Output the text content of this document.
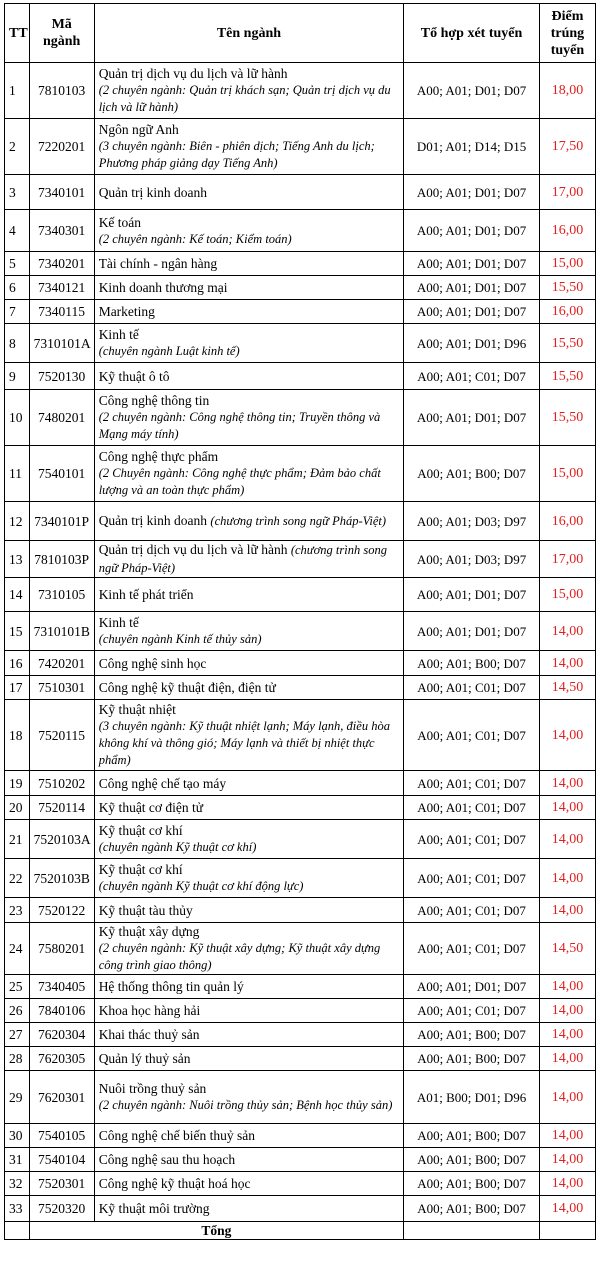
TT	Mã ngành	Tên ngành	Tổ hợp xét tuyển	Điểm trúng tuyển
1	7810103	Quản trị dịch vụ du lịch và lữ hành
(2 chuyên ngành: Quản trị khách sạn; Quản trị dịch vụ du lịch và lữ hành)	A00; A01; D01; D07	18,00
2	7220201	Ngôn ngữ Anh
(3 chuyên ngành: Biên - phiên dịch; Tiếng Anh du lịch; Phương pháp giảng dạy Tiếng Anh)	D01; A01; D14; D15	17,50
3	7340101	Quản trị kinh doanh	A00; A01; D01; D07	17,00
4	7340301	Kế toán
(2 chuyên ngành: Kế toán; Kiểm toán)	A00; A01; D01; D07	16,00
5	7340201	Tài chính - ngân hàng	A00; A01; D01; D07	15,00
6	7340121	Kinh doanh thương mại	A00; A01; D01; D07	15,50
7	7340115	Marketing	A00; A01; D01; D07	16,00
8	7310101A	Kinh tế
(chuyên ngành Luật kinh tế)	A00; A01; D01; D96	15,50
9	7520130	Kỹ thuật ô tô	A00; A01; C01; D07	15,50
10	7480201	Công nghệ thông tin
(2 chuyên ngành: Công nghệ thông tin; Truyền thông và Mạng máy tính)	A00; A01; D01; D07	15,50
11	7540101	Công nghệ thực phẩm
(2 Chuyên ngành: Công nghệ thực phẩm; Đảm bảo chất lượng và an toàn thực phẩm)	A00; A01; B00; D07	15,00
12	7340101P	Quản trị kinh doanh (chương trình song ngữ Pháp-Việt)	A00; A01; D03; D97	16,00
13	7810103P	Quản trị dịch vụ du lịch và lữ hành (chương trình song ngữ Pháp-Việt)	A00; A01; D03; D97	17,00
14	7310105	Kinh tế phát triển	A00; A01; D01; D07	15,00
15	7310101B	Kinh tế
(chuyên ngành Kinh tế thủy sản)	A00; A01; D01; D07	14,00
16	7420201	Công nghệ sinh học	A00; A01; B00; D07	14,00
17	7510301	Công nghệ kỹ thuật điện, điện tử	A00; A01; C01; D07	14,50
18	7520115	Kỹ thuật nhiệt
(3 chuyên ngành: Kỹ thuật nhiệt lạnh; Máy lạnh, điều hòa không khí và thông gió; Máy lạnh và thiết bị nhiệt thực phẩm)	A00; A01; C01; D07	14,00
19	7510202	Công nghệ chế tạo máy	A00; A01; C01; D07	14,00
20	7520114	Kỹ thuật cơ điện tử	A00; A01; C01; D07	14,00
21	7520103A	Kỹ thuật cơ khí
(chuyên ngành Kỹ thuật cơ khí)	A00; A01; C01; D07	14,00
22	7520103B	Kỹ thuật cơ khí
(chuyên ngành Kỹ thuật cơ khí động lực)	A00; A01; C01; D07	14,00
23	7520122	Kỹ thuật tàu thủy	A00; A01; C01; D07	14,00
24	7580201	Kỹ thuật xây dựng
(2 chuyên ngành: Kỹ thuật xây dựng; Kỹ thuật xây dựng công trình giao thông)	A00; A01; C01; D07	14,50
25	7340405	Hệ thống thông tin quản lý	A00; A01; D01; D07	14,00
26	7840106	Khoa học hàng hải	A00; A01; C01; D07	14,00
27	7620304	Khai thác thuỷ sản	A00; A01; B00; D07	14,00
28	7620305	Quản lý thuỷ sản	A00; A01; B00; D07	14,00
29	7620301	Nuôi trồng thuỷ sản
(2 chuyên ngành: Nuôi trồng thủy sản; Bệnh học thủy sản)	A01; B00; D01; D96	14,00
30	7540105	Công nghệ chế biến thuỷ sản	A00; A01; B00; D07	14,00
31	7540104	Công nghệ sau thu hoạch	A00; A01; B00; D07	14,00
32	7520301	Công nghệ kỹ thuật hoá học	A00; A01; B00; D07	14,00
33	7520320	Kỹ thuật môi trường	A00; A01; B00; D07	14,00
	Tổng			
